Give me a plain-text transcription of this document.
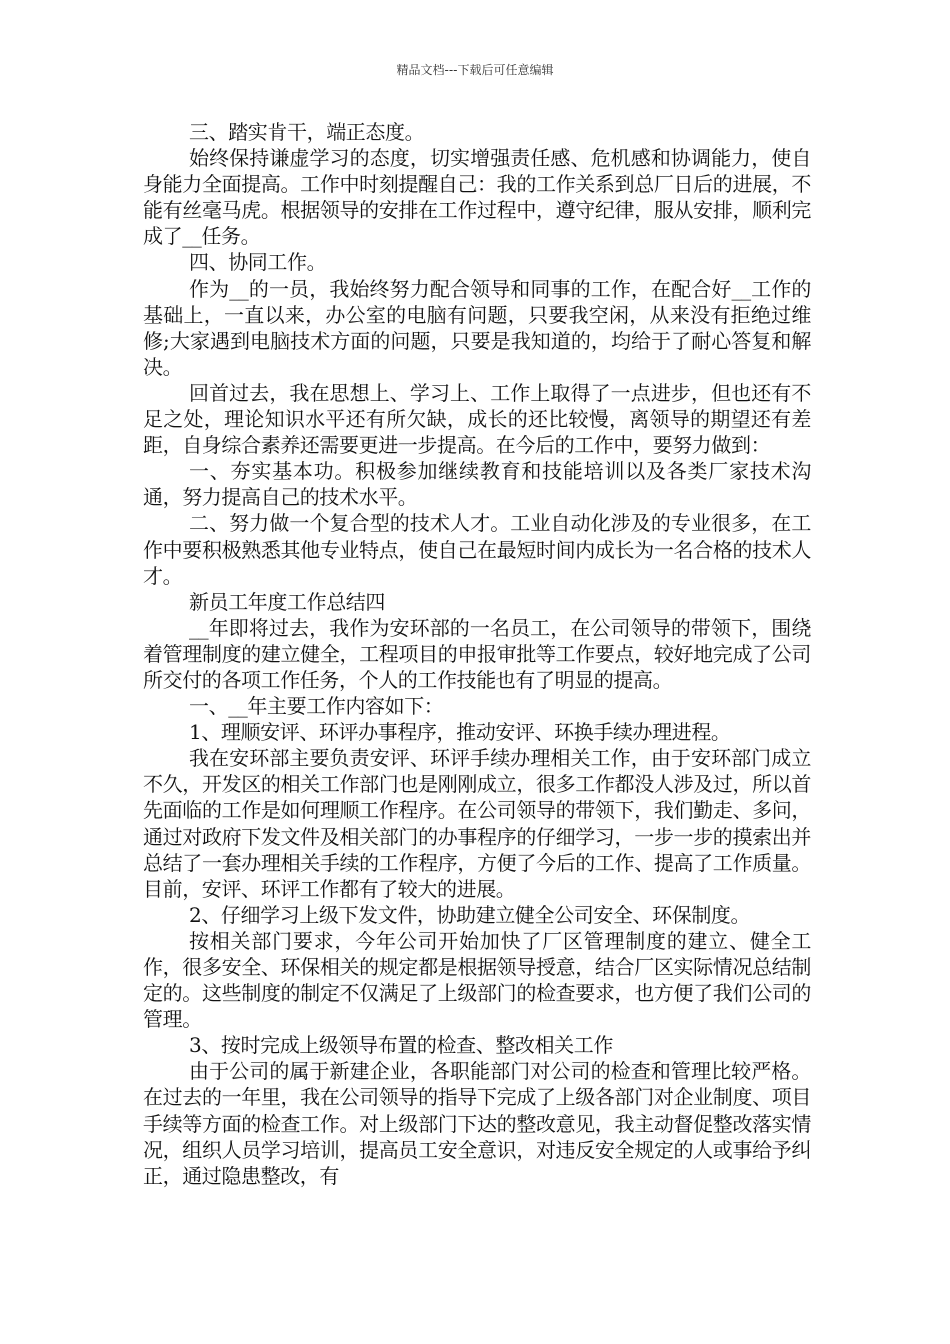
精品文档---下载后可任意编辑

三、踏实肯干，端正态度。

始终保持谦虚学习的态度，切实增强责任感、危机感和协调能力，使自身能力全面提高。工作中时刻提醒自己：我的工作关系到总厂日后的进展，不能有丝毫马虎。根据领导的安排在工作过程中，遵守纪律，服从安排，顺利完成了__任务。

四、协同工作。

作为__的一员，我始终努力配合领导和同事的工作，在配合好__工作的基础上，一直以来，办公室的电脑有问题，只要我空闲，从来没有拒绝过维修;大家遇到电脑技术方面的问题，只要是我知道的，均给于了耐心答复和解决。

回首过去，我在思想上、学习上、工作上取得了一点进步，但也还有不足之处，理论知识水平还有所欠缺，成长的还比较慢，离领导的期望还有差距，自身综合素养还需要更进一步提高。在今后的工作中，要努力做到：

一、夯实基本功。积极参加继续教育和技能培训以及各类厂家技术沟通，努力提高自己的技术水平。

二、努力做一个复合型的技术人才。工业自动化涉及的专业很多，在工作中要积极熟悉其他专业特点，使自己在最短时间内成长为一名合格的技术人才。

新员工年度工作总结四

__年即将过去，我作为安环部的一名员工，在公司领导的带领下，围绕着管理制度的建立健全，工程项目的申报审批等工作要点，较好地完成了公司所交付的各项工作任务，个人的工作技能也有了明显的提高。

一、__年主要工作内容如下：

1、理顺安评、环评办事程序，推动安评、环换手续办理进程。

我在安环部主要负责安评、环评手续办理相关工作，由于安环部门成立不久，开发区的相关工作部门也是刚刚成立，很多工作都没人涉及过，所以首先面临的工作是如何理顺工作程序。在公司领导的带领下，我们勤走、多问，通过对政府下发文件及相关部门的办事程序的仔细学习，一步一步的摸索出并总结了一套办理相关手续的工作程序，方便了今后的工作、提高了工作质量。目前，安评、环评工作都有了较大的进展。

2、仔细学习上级下发文件，协助建立健全公司安全、环保制度。

按相关部门要求，今年公司开始加快了厂区管理制度的建立、健全工作，很多安全、环保相关的规定都是根据领导授意，结合厂区实际情况总结制定的。这些制度的制定不仅满足了上级部门的检查要求，也方便了我们公司的管理。

3、按时完成上级领导布置的检查、整改相关工作

由于公司的属于新建企业，各职能部门对公司的检查和管理比较严格。在过去的一年里，我在公司领导的指导下完成了上级各部门对企业制度、项目手续等方面的检查工作。对上级部门下达的整改意见，我主动督促整改落实情况，组织人员学习培训，提高员工安全意识，对违反安全规定的人或事给予纠正，通过隐患整改，有
